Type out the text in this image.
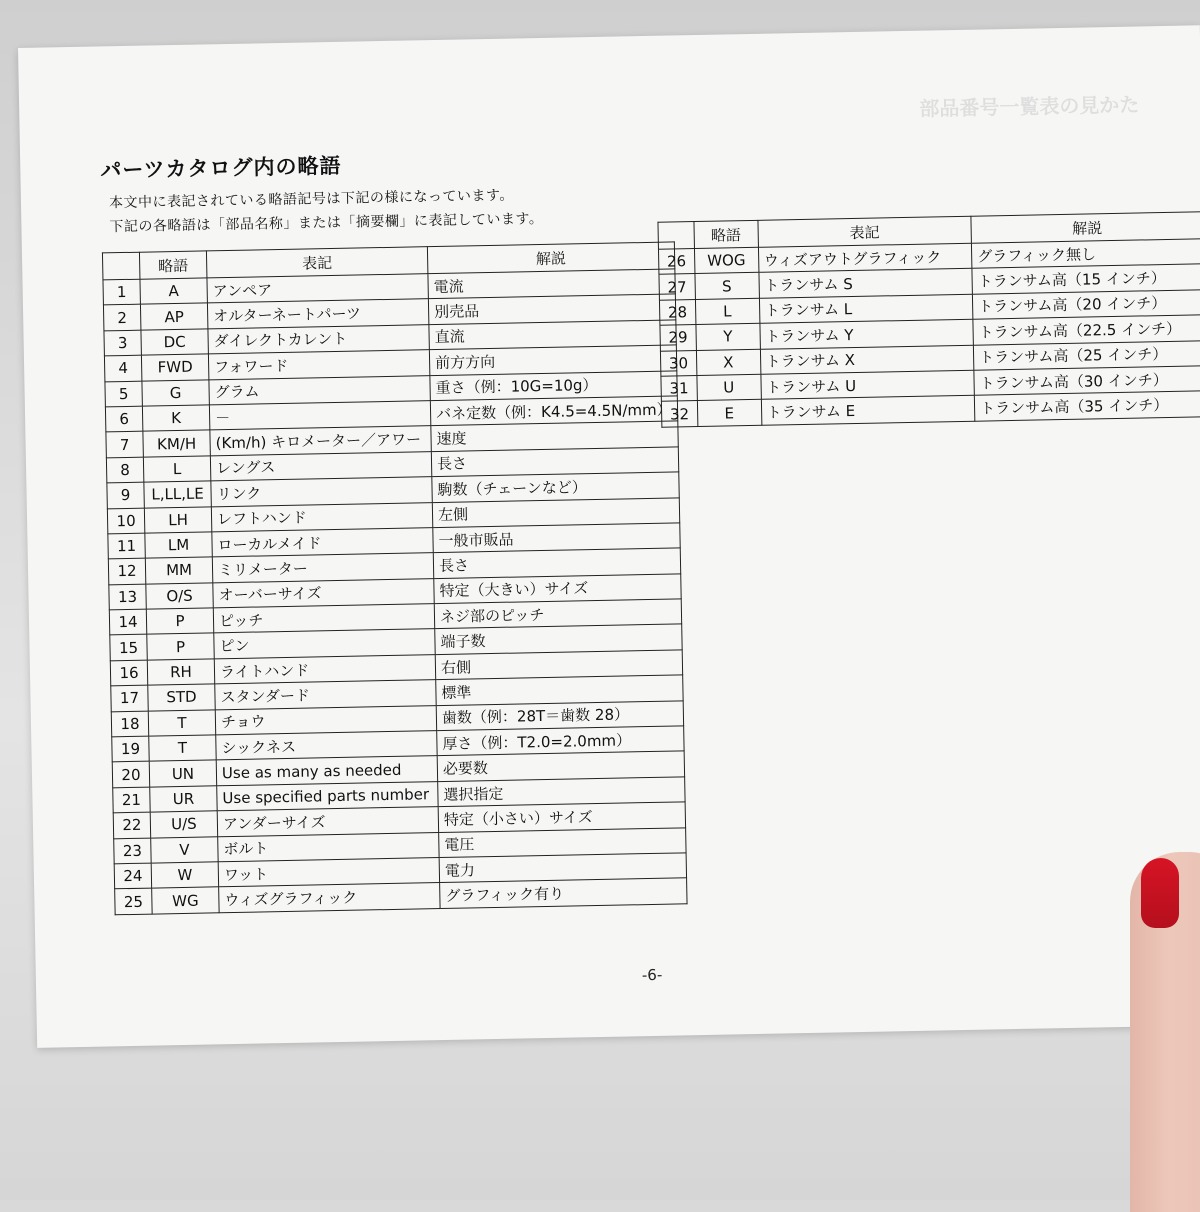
部品番号一覧表の見かた
パーツカタログ内の略語
本文中に表記されている略語記号は下記の様になっています。
下記の各略語は「部品名称」または「摘要欄」に表記しています。
	略語	表記	解説
1	A	アンペア	電流
2	AP	オルターネートパーツ	別売品
3	DC	ダイレクトカレント	直流
4	FWD	フォワード	前方方向
5	G	グラム	重さ（例：10G=10g）
6	K	－	バネ定数（例：K4.5=4.5N/mm）
7	KM/H	(Km/h) キロメーター／アワー	速度
8	L	レングス	長さ
9	L,LL,LE	リンク	駒数（チェーンなど）
10	LH	レフトハンド	左側
11	LM	ローカルメイド	一般市販品
12	MM	ミリメーター	長さ
13	O/S	オーバーサイズ	特定（大きい）サイズ
14	P	ピッチ	ネジ部のピッチ
15	P	ピン	端子数
16	RH	ライトハンド	右側
17	STD	スタンダード	標準
18	T	チョウ	歯数（例：28T＝歯数 28）
19	T	シックネス	厚さ（例：T2.0=2.0mm）
20	UN	Use as many as needed	必要数
21	UR	Use specified parts number	選択指定
22	U/S	アンダーサイズ	特定（小さい）サイズ
23	V	ボルト	電圧
24	W	ワット	電力
25	WG	ウィズグラフィック	グラフィック有り
	略語	表記	解説
26	WOG	ウィズアウトグラフィック	グラフィック無し
27	S	トランサム S	トランサム高（15 インチ）
28	L	トランサム L	トランサム高（20 インチ）
29	Y	トランサム Y	トランサム高（22.5 インチ）
30	X	トランサム X	トランサム高（25 インチ）
31	U	トランサム U	トランサム高（30 インチ）
32	E	トランサム E	トランサム高（35 インチ）
-6-
